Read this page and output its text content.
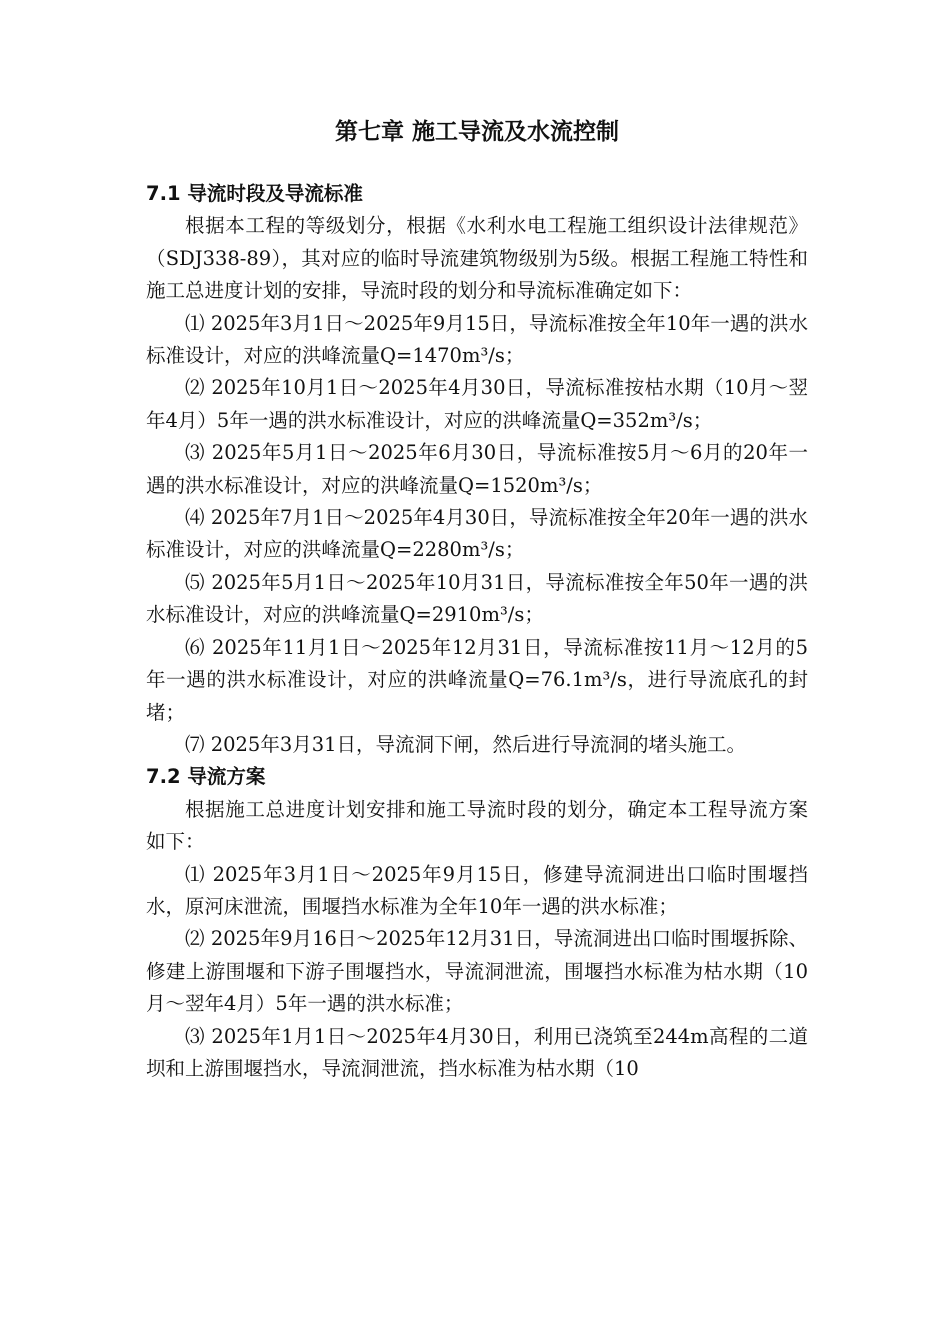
第七章 施工导流及水流控制
7.1 导流时段及导流标准

根据本工程的等级划分，根据《水利水电工程施工组织设计法律规范》（SDJ338-89），其对应的临时导流建筑物级别为5级。根据工程施工特性和施工总进度计划的安排，导流时段的划分和导流标准确定如下：

⑴ 2025年3月1日～2025年9月15日，导流标准按全年10年一遇的洪水标准设计，对应的洪峰流量Q=1470m³/s；

⑵ 2025年10月1日～2025年4月30日，导流标准按枯水期（10月～翌年4月）5年一遇的洪水标准设计，对应的洪峰流量Q=352m³/s；

⑶ 2025年5月1日～2025年6月30日，导流标准按5月～6月的20年一遇的洪水标准设计，对应的洪峰流量Q=1520m³/s；

⑷ 2025年7月1日～2025年4月30日，导流标准按全年20年一遇的洪水标准设计，对应的洪峰流量Q=2280m³/s；

⑸ 2025年5月1日～2025年10月31日，导流标准按全年50年一遇的洪水标准设计，对应的洪峰流量Q=2910m³/s；

⑹ 2025年11月1日～2025年12月31日，导流标准按11月～12月的5年一遇的洪水标准设计，对应的洪峰流量Q=76.1m³/s，进行导流底孔的封堵；

⑺ 2025年3月31日，导流洞下闸，然后进行导流洞的堵头施工。

7.2 导流方案

根据施工总进度计划安排和施工导流时段的划分，确定本工程导流方案如下：

⑴ 2025年3月1日～2025年9月15日，修建导流洞进出口临时围堰挡水，原河床泄流，围堰挡水标准为全年10年一遇的洪水标准；

⑵ 2025年9月16日～2025年12月31日，导流洞进出口临时围堰拆除、修建上游围堰和下游子围堰挡水，导流洞泄流，围堰挡水标准为枯水期（10月～翌年4月）5年一遇的洪水标准；

⑶ 2025年1月1日～2025年4月30日，利用已浇筑至244m高程的二道坝和上游围堰挡水，导流洞泄流，挡水标准为枯水期（10
